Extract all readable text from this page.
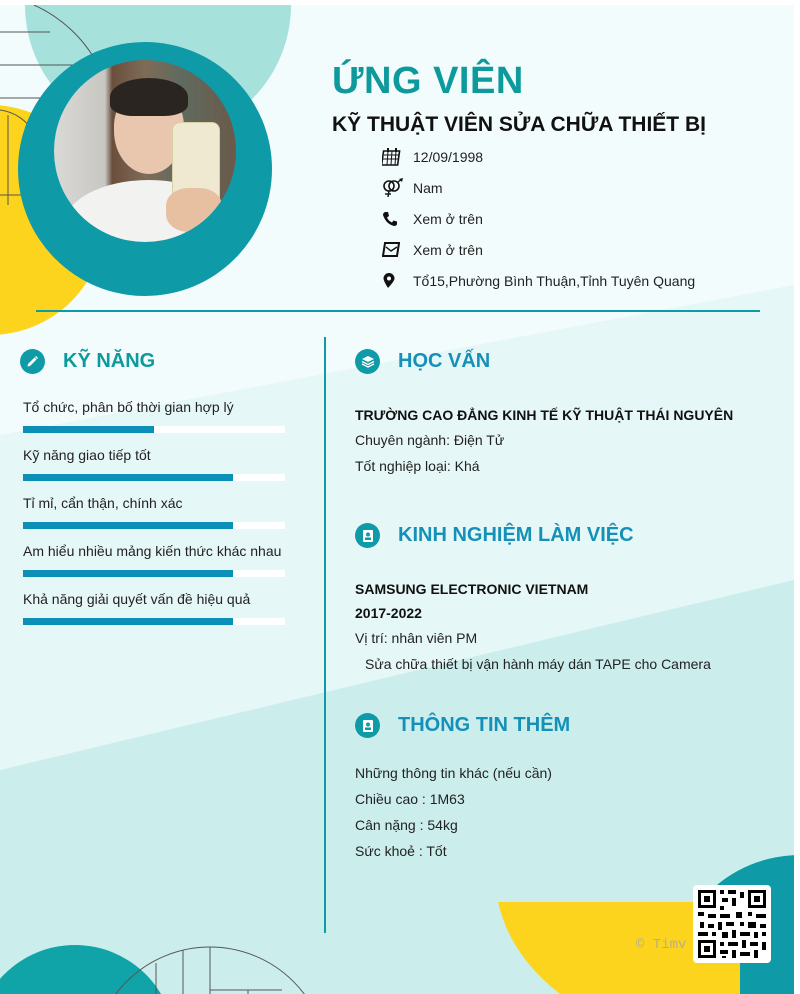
ỨNG VIÊN
KỸ THUẬT VIÊN SỬA CHỮA THIẾT BỊ
12/09/1998
Nam
Xem ở trên
Xem ở trên
Tổ15,Phường Bình Thuận,Tỉnh Tuyên Quang
KỸ NĂNG
Tổ chức, phân bố thời gian hợp lý
Kỹ năng giao tiếp tốt
Tỉ mỉ, cẩn thận, chính xác
Am hiểu nhiều mảng kiến thức khác nhau
Khả năng giải quyết vấn đề hiệu quả
HỌC VẤN
TRƯỜNG CAO ĐẲNG KINH TẾ KỸ THUẬT THÁI NGUYÊN
Chuyên ngành: Điện Tử
Tốt nghiệp loại: Khá
KINH NGHIỆM LÀM VIỆC
SAMSUNG ELECTRONIC VIETNAM
2017-2022
Vị trí: nhân viên PM
Sửa chữa thiết bị vận hành máy dán TAPE cho Camera
THÔNG TIN THÊM
Những thông tin khác (nếu cần)
Chiều cao : 1M63
Cân nặng : 54kg
Sức khoẻ : Tốt
© Timv
